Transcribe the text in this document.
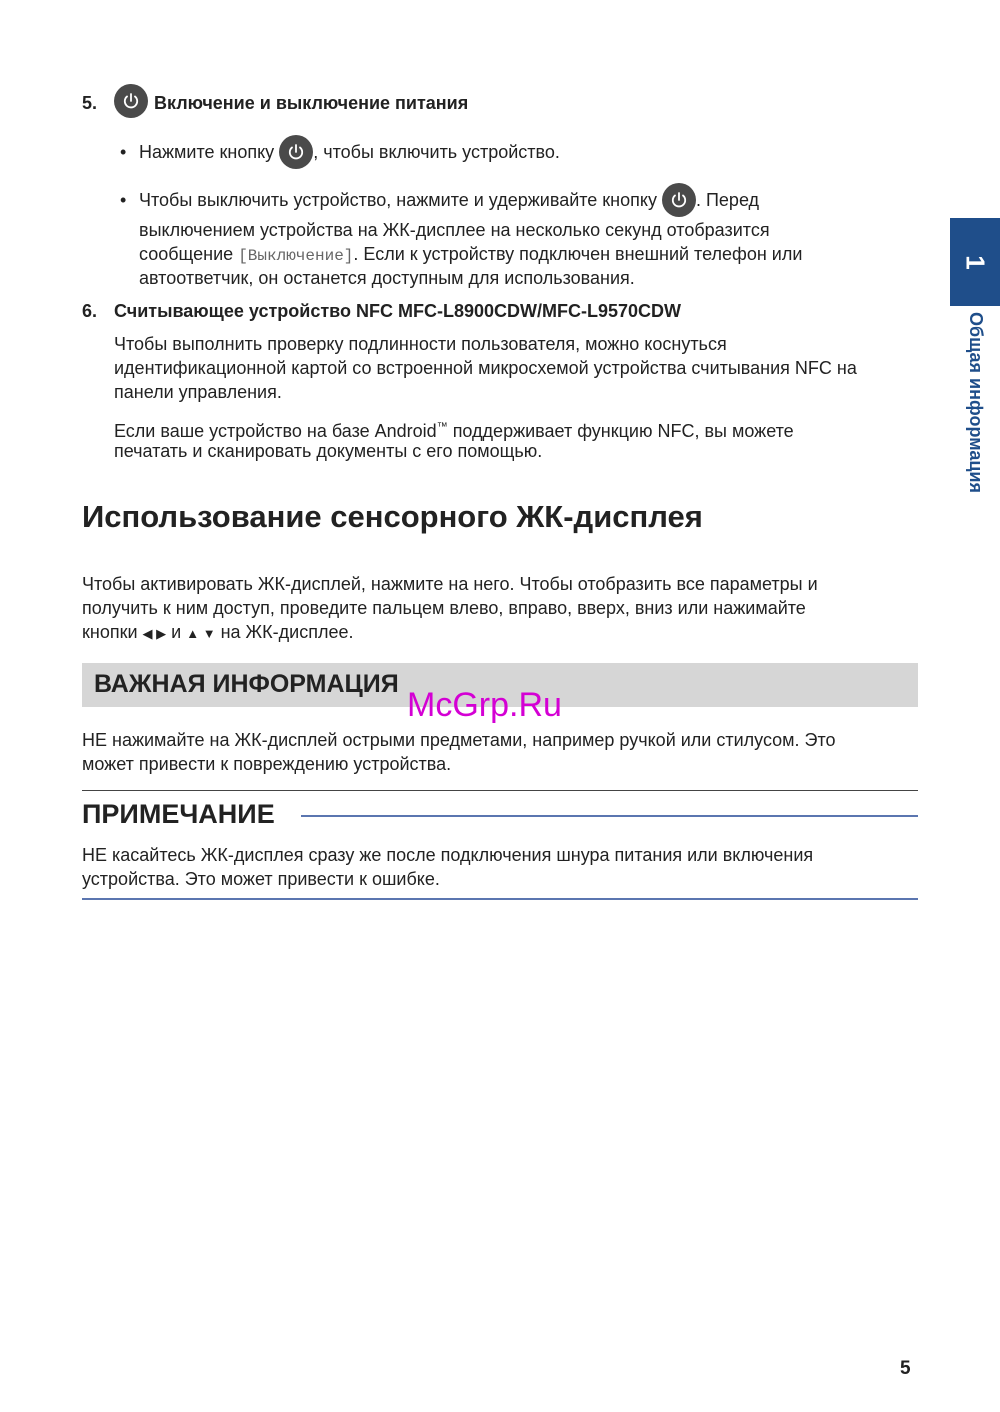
1
Общая информация
5.	Включение и выключение питания
• Нажмите кнопку , чтобы включить устройство.
• Чтобы выключить устройство, нажмите и удерживайте кнопку . Перед
выключением устройства на ЖК-дисплее на несколько секунд отобразится
сообщение [Выключение]. Если к устройству подключен внешний телефон или
автоответчик, он останется доступным для использования.
6. Считывающее устройство NFC MFC-L8900CDW/MFC-L9570CDW
Чтобы выполнить проверку подлинности пользователя, можно коснуться
идентификационной картой со встроенной микросхемой устройства считывания NFC на
панели управления.
Если ваше устройство на базе Android™ поддерживает функцию NFC, вы можете
печатать и сканировать документы с его помощью.
Использование сенсорного ЖК-дисплея
Чтобы активировать ЖК-дисплей, нажмите на него. Чтобы отобразить все параметры и
получить к ним доступ, проведите пальцем влево, вправо, вверх, вниз или нажимайте
кнопки ◀ ▶ и ▲ ▼ на ЖК-дисплее.
ВАЖНАЯ ИНФОРМАЦИЯ
McGrp.Ru
НЕ нажимайте на ЖК-дисплей острыми предметами, например ручкой или стилусом. Это
может привести к повреждению устройства.
ПРИМЕЧАНИЕ
НЕ касайтесь ЖК-дисплея сразу же после подключения шнура питания или включения
устройства. Это может привести к ошибке.
5
